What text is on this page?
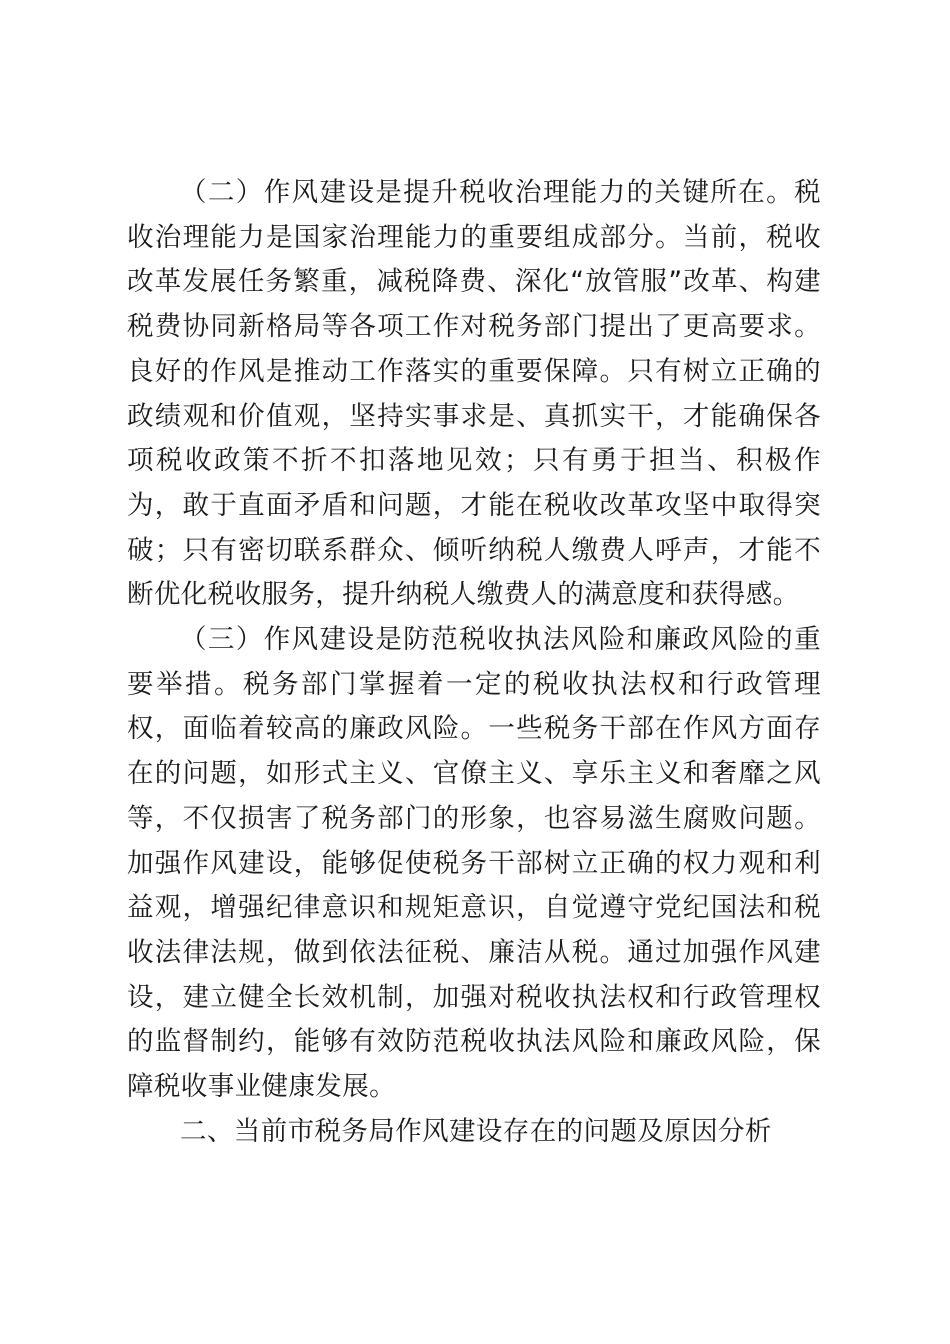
（二）作风建设是提升税收治理能力的关键所在。税收治理能力是国家治理能力的重要组成部分。当前，税收改革发展任务繁重，减税降费、深化“放管服”改革、构建税费协同新格局等各项工作对税务部门提出了更高要求。良好的作风是推动工作落实的重要保障。只有树立正确的政绩观和价值观，坚持实事求是、真抓实干，才能确保各项税收政策不折不扣落地见效；只有勇于担当、积极作为，敢于直面矛盾和问题，才能在税收改革攻坚中取得突破；只有密切联系群众、倾听纳税人缴费人呼声，才能不断优化税收服务，提升纳税人缴费人的满意度和获得感。

（三）作风建设是防范税收执法风险和廉政风险的重要举措。税务部门掌握着一定的税收执法权和行政管理权，面临着较高的廉政风险。一些税务干部在作风方面存在的问题，如形式主义、官僚主义、享乐主义和奢靡之风等，不仅损害了税务部门的形象，也容易滋生腐败问题。加强作风建设，能够促使税务干部树立正确的权力观和利益观，增强纪律意识和规矩意识，自觉遵守党纪国法和税收法律法规，做到依法征税、廉洁从税。通过加强作风建设，建立健全长效机制，加强对税收执法权和行政管理权的监督制约，能够有效防范税收执法风险和廉政风险，保障税收事业健康发展。

二、当前市税务局作风建设存在的问题及原因分析
